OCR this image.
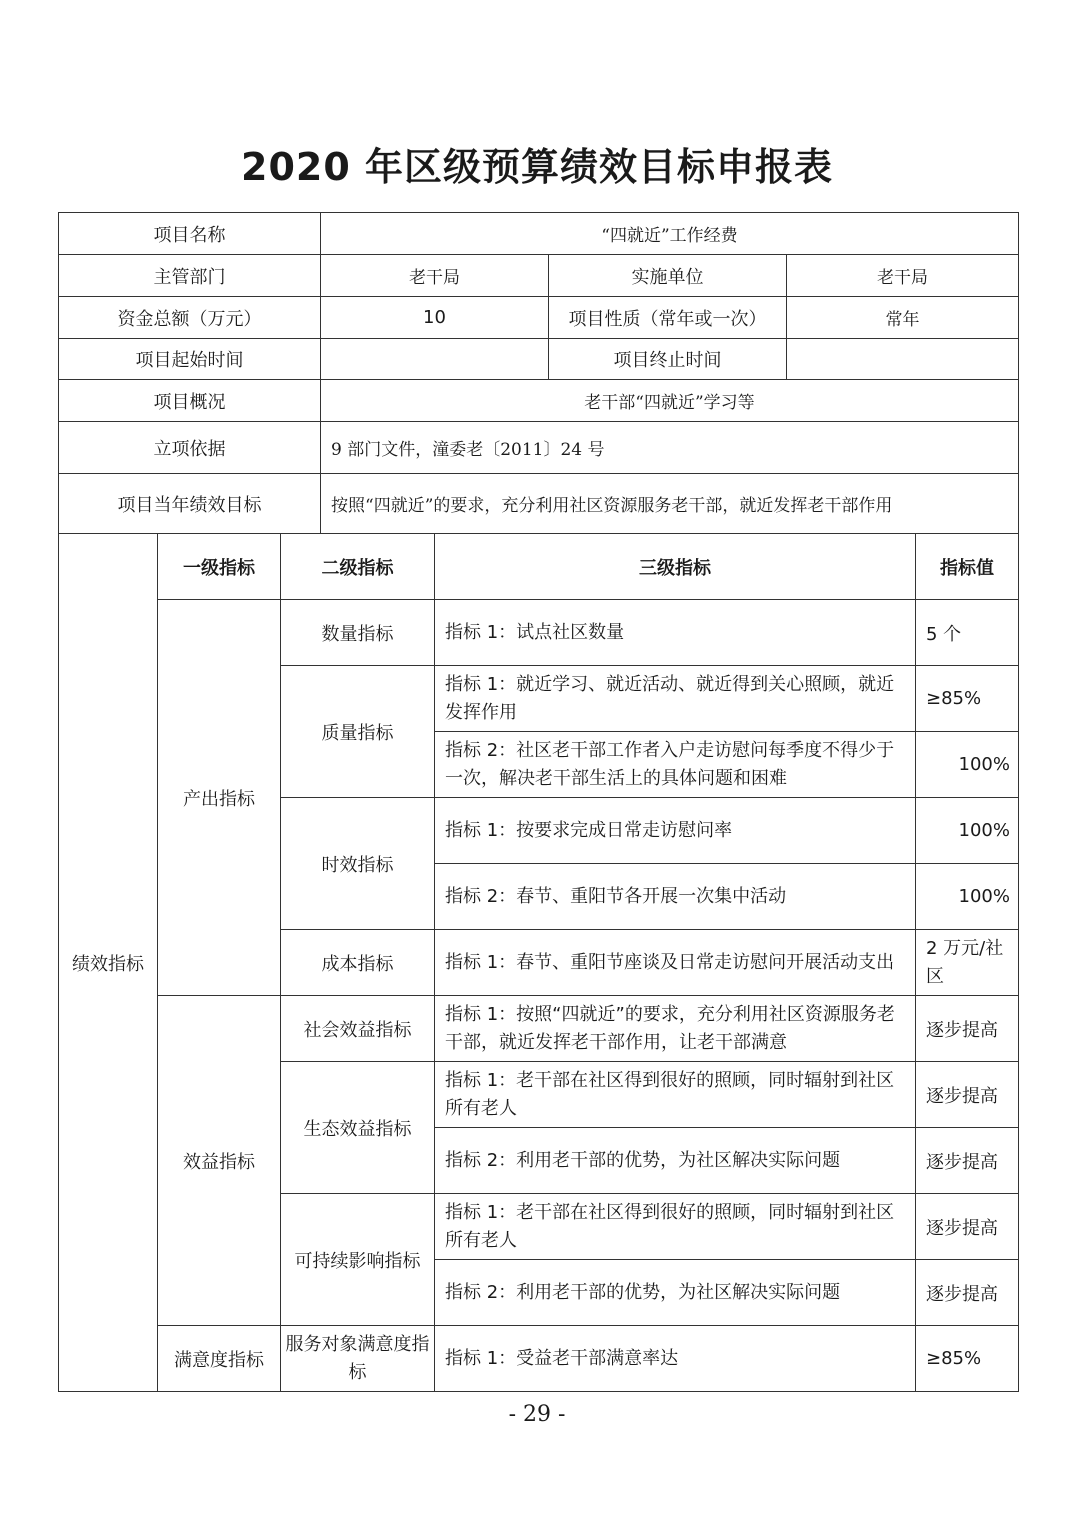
2020 年区级预算绩效目标申报表
项目名称	“四就近”工作经费		
主管部门	老干局	实施单位	老干局
资金总额（万元）	10	项目性质（常年或一次）	常年
项目起始时间		项目终止时间	
项目概况	老干部“四就近”学习等		
立项依据	9 部门文件，潼委老〔2011〕24 号		
项目当年绩效目标	按照“四就近”的要求，充分利用社区资源服务老干部，就近发挥老干部作用		
绩效指标	一级指标	二级指标	三级指标	指标值
	产出指标	数量指标	指标 1：试点社区数量	5 个
		质量指标	指标 1：就近学习、就近活动、就近得到关心照顾，就近发挥作用	≥85%
			指标 2：社区老干部工作者入户走访慰问每季度不得少于一次，解决老干部生活上的具体问题和困难	100%
		时效指标	指标 1：按要求完成日常走访慰问率	100%
			指标 2：春节、重阳节各开展一次集中活动	100%
		成本指标	指标 1：春节、重阳节座谈及日常走访慰问开展活动支出	2 万元/社区
	效益指标	社会效益指标	指标 1：按照“四就近”的要求，充分利用社区资源服务老干部，就近发挥老干部作用，让老干部满意	逐步提高
		生态效益指标	指标 1：老干部在社区得到很好的照顾，同时辐射到社区所有老人	逐步提高
			指标 2：利用老干部的优势，为社区解决实际问题	逐步提高
		可持续影响指标	指标 1：老干部在社区得到很好的照顾，同时辐射到社区所有老人	逐步提高
			指标 2：利用老干部的优势，为社区解决实际问题	逐步提高
	满意度指标	服务对象满意度指标	指标 1：受益老干部满意率达	≥85%
- 29 -
